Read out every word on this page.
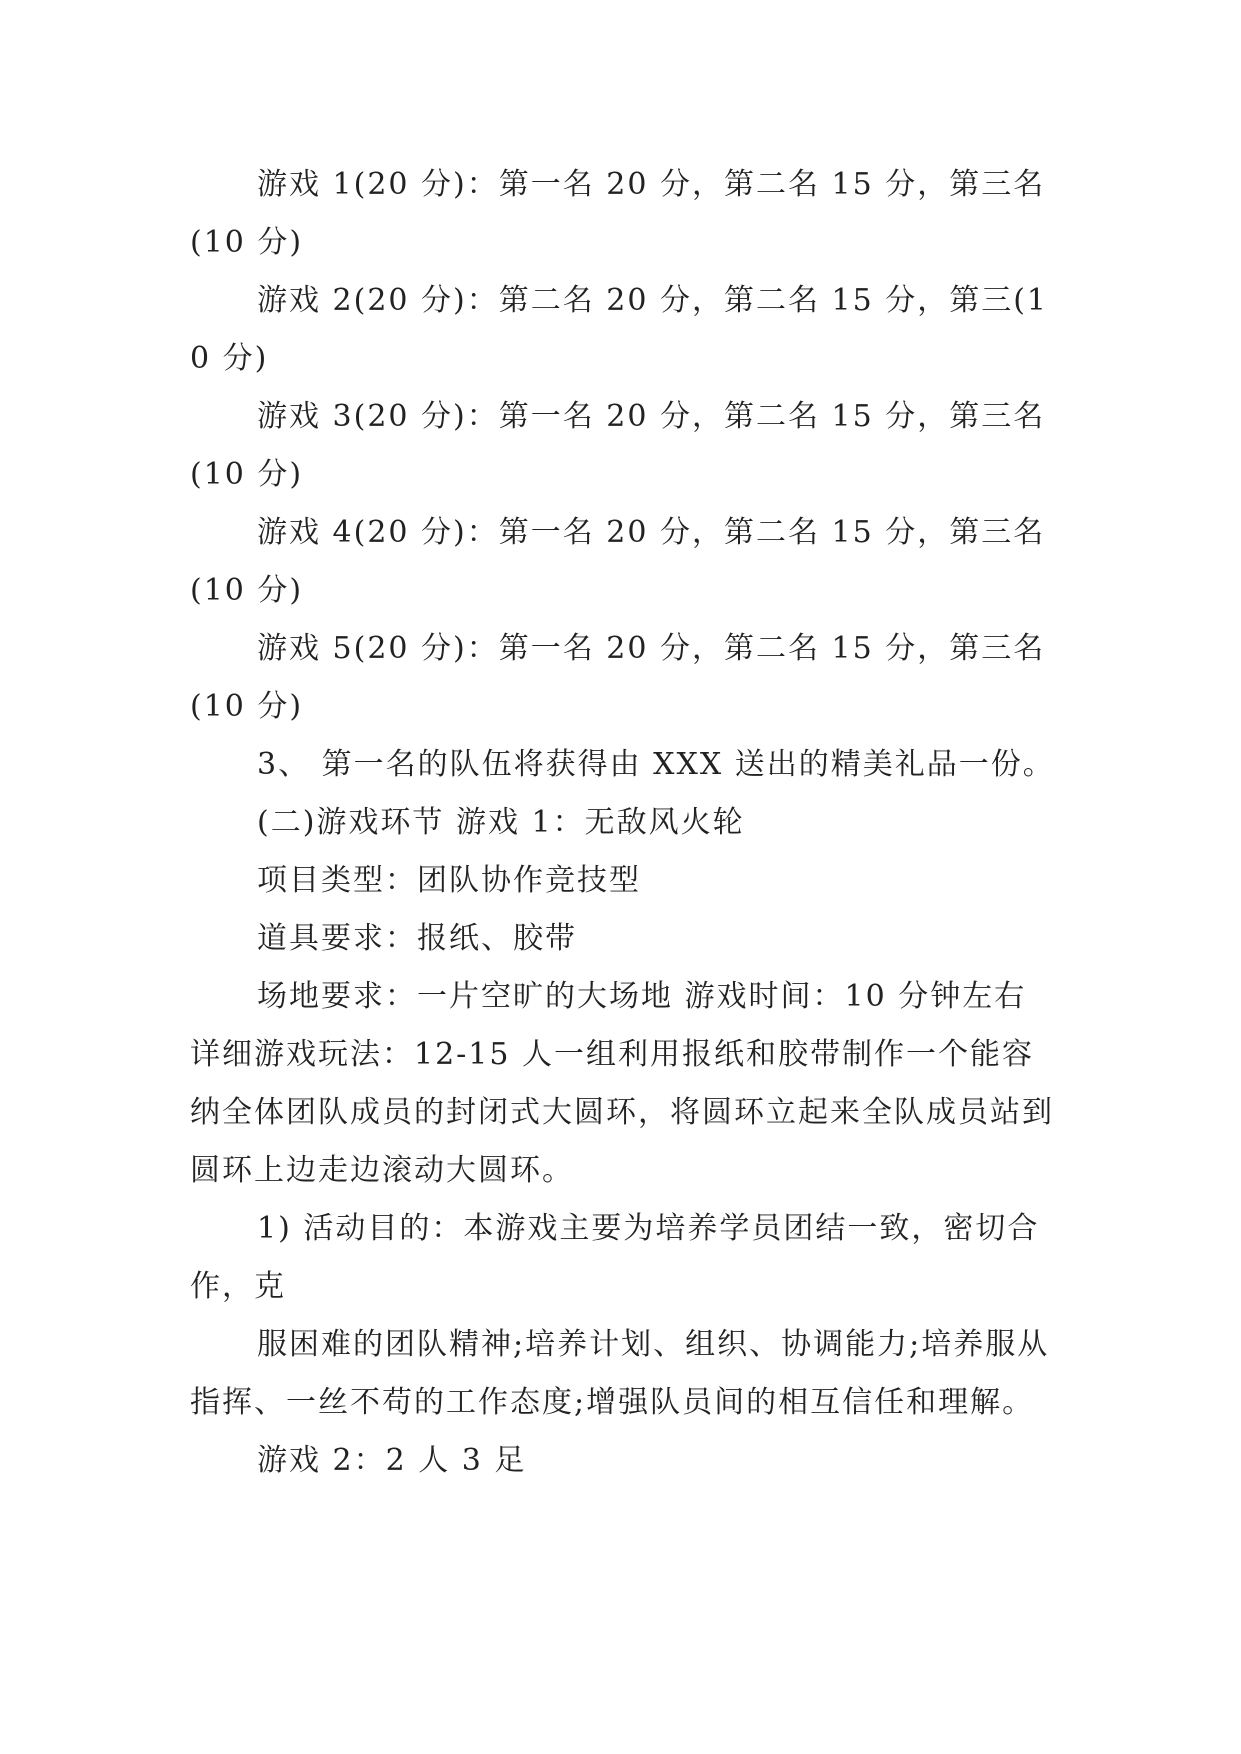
游戏 1(20 分)：第一名 20 分，第二名 15 分，第三名(10 分)

游戏 2(20 分)：第二名 20 分，第二名 15 分，第三(10 分)

游戏 3(20 分)：第一名 20 分，第二名 15 分，第三名(10 分)

游戏 4(20 分)：第一名 20 分，第二名 15 分，第三名(10 分)

游戏 5(20 分)：第一名 20 分，第二名 15 分，第三名(10 分)

3、 第一名的队伍将获得由 XXX 送出的精美礼品一份。

(二)游戏环节 游戏 1：无敌风火轮

项目类型：团队协作竞技型

道具要求：报纸、胶带

场地要求：一片空旷的大场地 游戏时间：10 分钟左右

详细游戏玩法：12-15 人一组利用报纸和胶带制作一个能容纳全体团队成员的封闭式大圆环，将圆环立起来全队成员站到圆环上边走边滚动大圆环。

1) 活动目的：本游戏主要为培养学员团结一致，密切合作，克

服困难的团队精神;培养计划、组织、协调能力;培养服从指挥、一丝不苟的工作态度;增强队员间的相互信任和理解。

游戏 2：2 人 3 足
